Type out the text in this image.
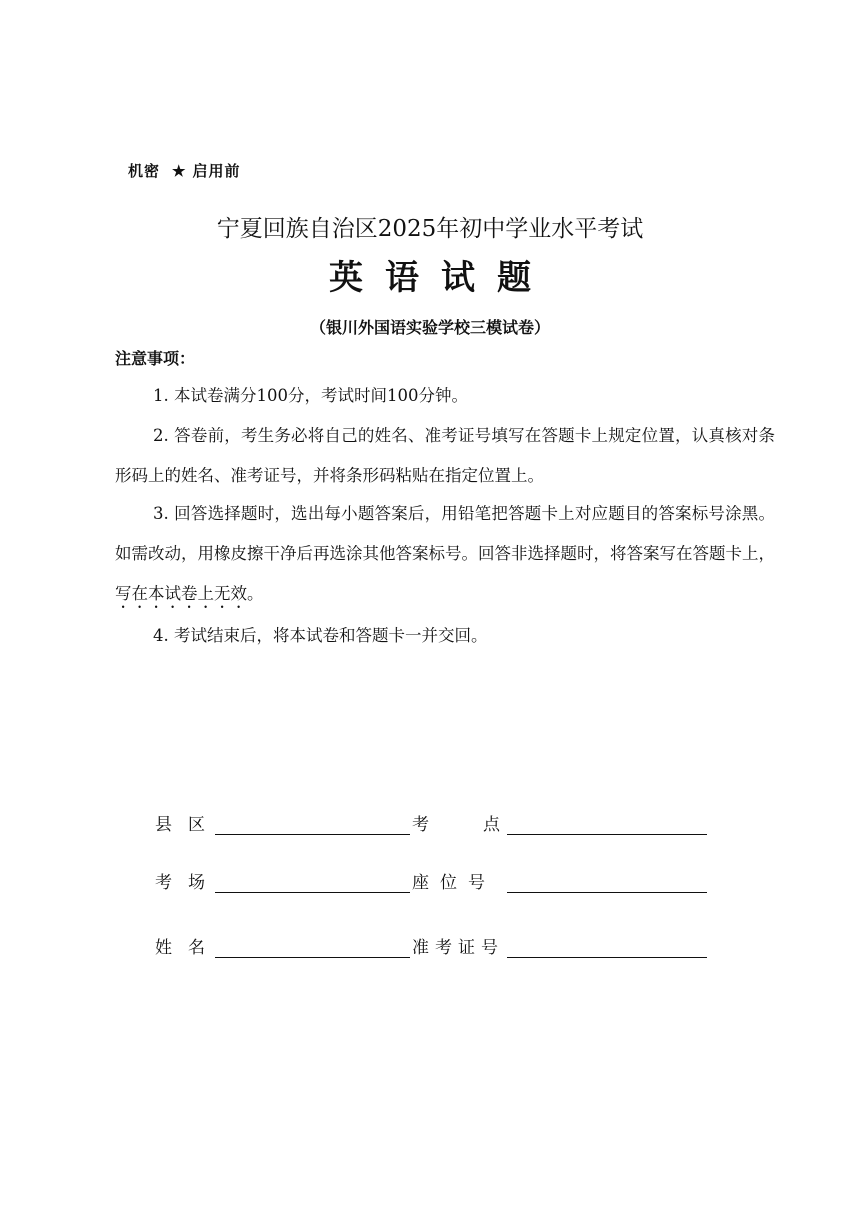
机密 ★ 启用前
宁夏回族自治区2025年初中学业水平考试
英语试题
（银川外国语实验学校三模试卷）
注意事项：
1. 本试卷满分100分，考试时间100分钟。
2. 答卷前，考生务必将自己的姓名、准考证号填写在答题卡上规定位置，认真核对条形码上的姓名、准考证号，并将条形码粘贴在指定位置上。
3. 回答选择题时，选出每小题答案后，用铅笔把答题卡上对应题目的答案标号涂黑。如需改动，用橡皮擦干净后再选涂其他答案标号。回答非选择题时，将答案写在答题卡上，写在本试卷上无效。
4. 考试结束后，将本试卷和答题卡一并交回。
县区	考点
考场	座位号
姓名	准考证号
